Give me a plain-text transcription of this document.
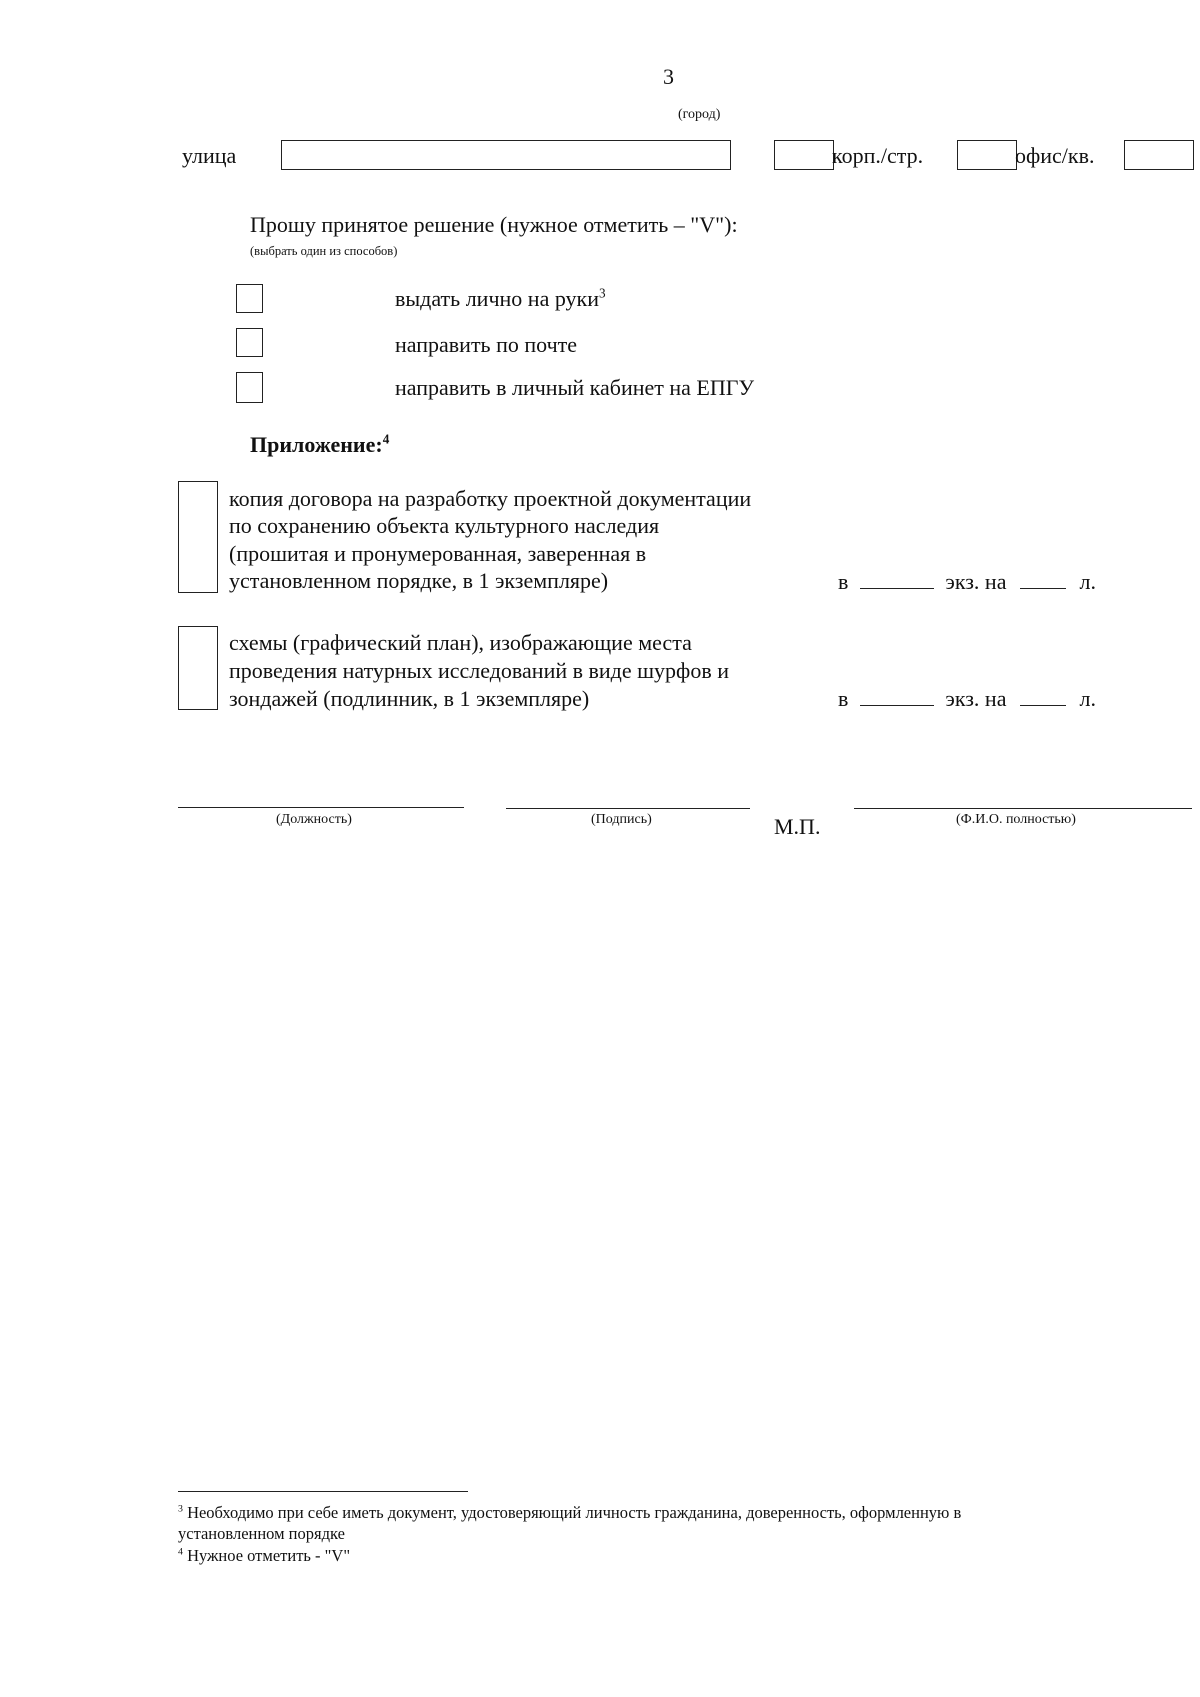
3
(город)
улица	корп./стр.	офис/кв.
Прошу принятое решение (нужное отметить – "V"):
(выбрать один из способов)
выдать лично на руки$^3$
направить по почте
направить в личный кабинет на ЕПГУ
Приложение:$^4$
копия договора на разработку проектной документации
по сохранению объекта культурного наследия
(прошитая и пронумерованная, заверенная в
установленном порядке, в 1 экземпляре)	в	экз. на	л.
схемы (графический план), изображающие места
проведения натурных исследований в виде шурфов и
зондажей (подлинник, в 1 экземпляре)	в	экз. на	л.
(Должность)	(Подпись)	М.П.	(Ф.И.О. полностью)
$^3$ Необходимо при себе иметь документ, удостоверяющий личность гражданина, доверенность, оформленную в
установленном порядке
$^4$ Нужное отметить - "V"
